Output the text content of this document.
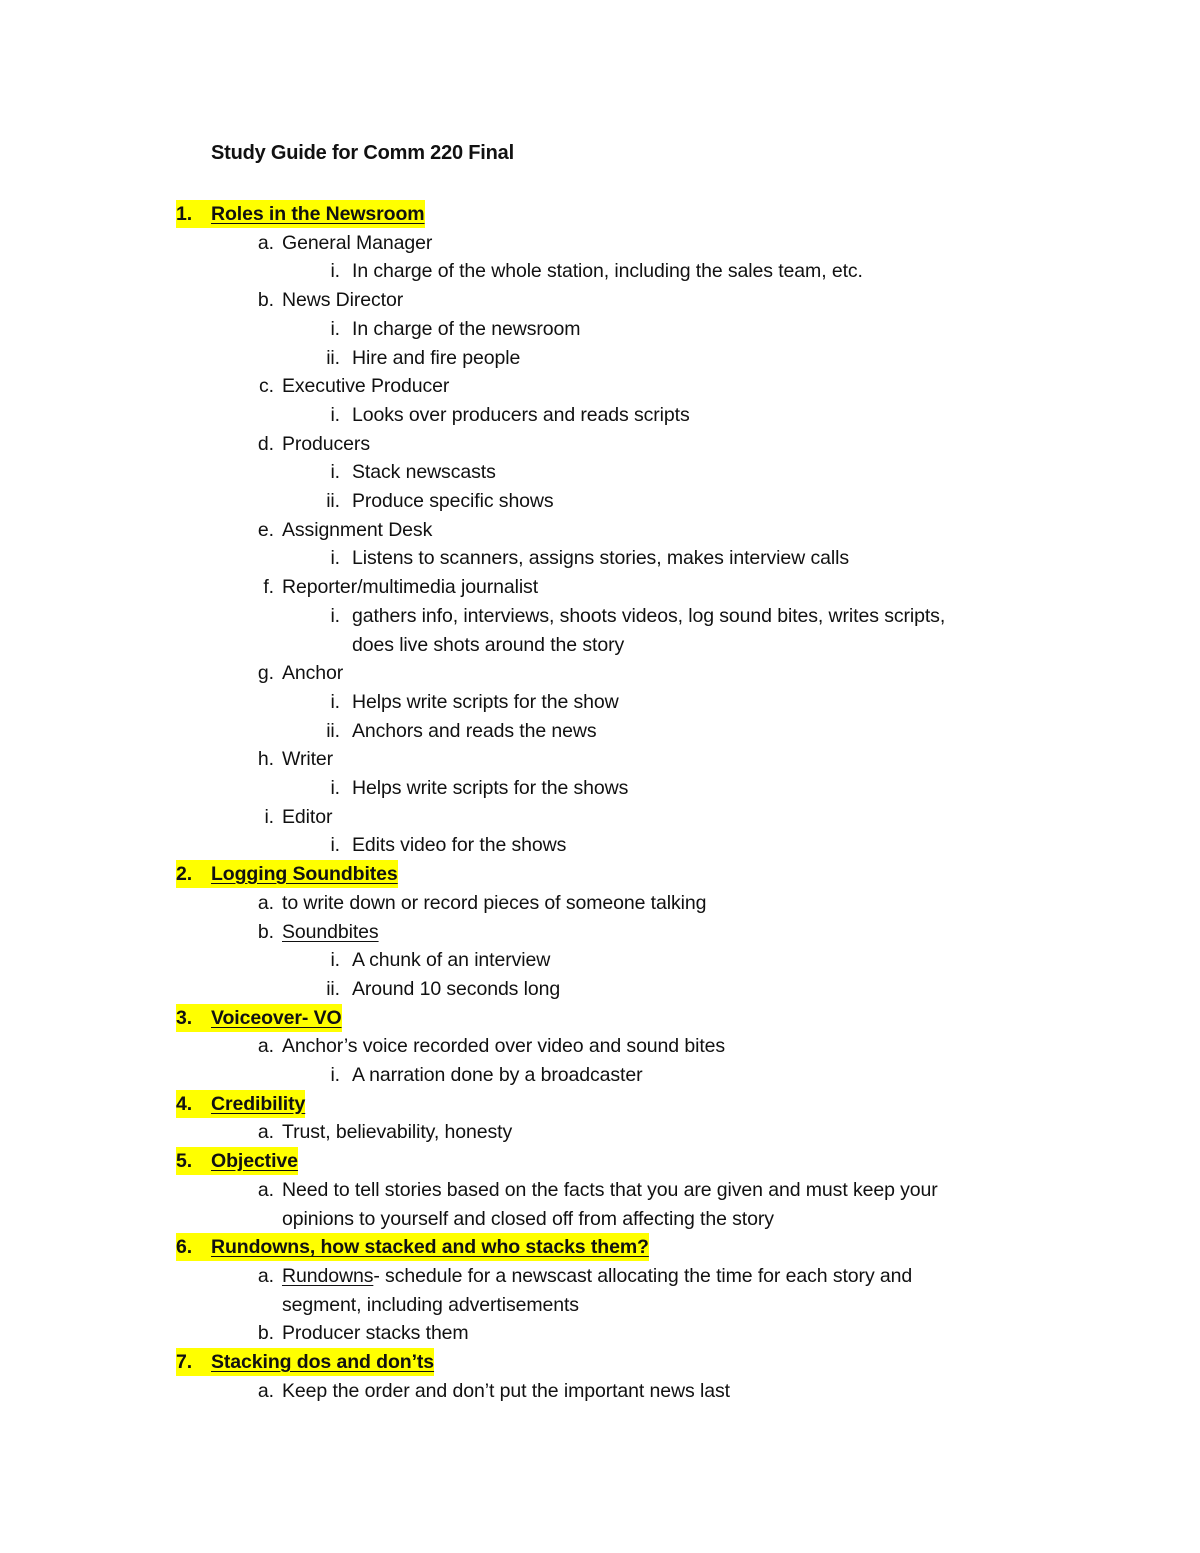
Study Guide for Comm 220 Final
1. Roles in the Newsroom
a. General Manager
i. In charge of the whole station, including the sales team, etc.
b. News Director
i. In charge of the newsroom
ii. Hire and fire people
c. Executive Producer
i. Looks over producers and reads scripts
d. Producers
i. Stack newscasts
ii. Produce specific shows
e. Assignment Desk
i. Listens to scanners, assigns stories, makes interview calls
f. Reporter/multimedia journalist
i. gathers info, interviews, shoots videos, log sound bites, writes scripts,
does live shots around the story
g. Anchor
i. Helps write scripts for the show
ii. Anchors and reads the news
h. Writer
i. Helps write scripts for the shows
i. Editor
i. Edits video for the shows
2. Logging Soundbites
a. to write down or record pieces of someone talking
b. Soundbites
i. A chunk of an interview
ii. Around 10 seconds long
3. Voiceover- VO
a. Anchor’s voice recorded over video and sound bites
i. A narration done by a broadcaster
4. Credibility
a. Trust, believability, honesty
5. Objective
a. Need to tell stories based on the facts that you are given and must keep your
opinions to yourself and closed off from affecting the story
6. Rundowns, how stacked and who stacks them?
a. Rundowns- schedule for a newscast allocating the time for each story and
segment, including advertisements
b. Producer stacks them
7. Stacking dos and don’ts
a. Keep the order and don’t put the important news last
